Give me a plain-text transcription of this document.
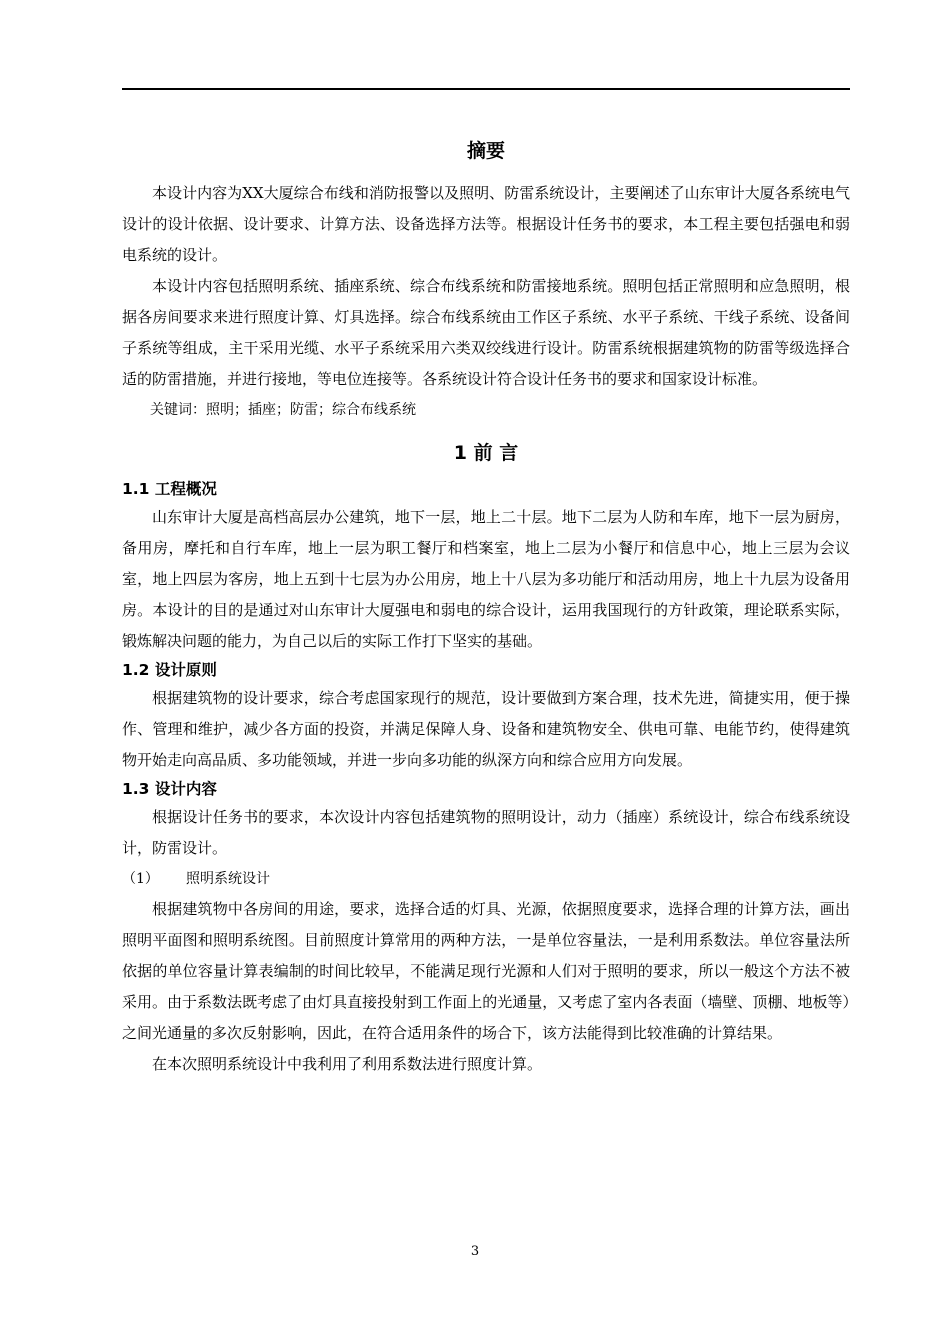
摘要

本设计内容为XX大厦综合布线和消防报警以及照明、防雷系统设计，主要阐述了山东审计大厦各系统电气设计的设计依据、设计要求、计算方法、设备选择方法等。根据设计任务书的要求，本工程主要包括强电和弱电系统的设计。

本设计内容包括照明系统、插座系统、综合布线系统和防雷接地系统。照明包括正常照明和应急照明，根据各房间要求来进行照度计算、灯具选择。综合布线系统由工作区子系统、水平子系统、干线子系统、设备间子系统等组成，主干采用光缆、水平子系统采用六类双绞线进行设计。防雷系统根据建筑物的防雷等级选择合适的防雷措施，并进行接地，等电位连接等。各系统设计符合设计任务书的要求和国家设计标准。

关键词：照明；插座；防雷；综合布线系统
1 前 言
1.1 工程概况

山东审计大厦是高档高层办公建筑，地下一层，地上二十层。地下二层为人防和车库，地下一层为厨房，备用房，摩托和自行车库，地上一层为职工餐厅和档案室，地上二层为小餐厅和信息中心，地上三层为会议室，地上四层为客房，地上五到十七层为办公用房，地上十八层为多功能厅和活动用房，地上十九层为设备用房。本设计的目的是通过对山东审计大厦强电和弱电的综合设计，运用我国现行的方针政策，理论联系实际，锻炼解决问题的能力，为自己以后的实际工作打下坚实的基础。

1.2 设计原则

根据建筑物的设计要求，综合考虑国家现行的规范，设计要做到方案合理，技术先进，简捷实用，便于操作、管理和维护，减少各方面的投资，并满足保障人身、设备和建筑物安全、供电可靠、电能节约，使得建筑物开始走向高品质、多功能领域，并进一步向多功能的纵深方向和综合应用方向发展。

1.3 设计内容

根据设计任务书的要求，本次设计内容包括建筑物的照明设计，动力（插座）系统设计，综合布线系统设计，防雷设计。

（1） 照明系统设计

根据建筑物中各房间的用途，要求，选择合适的灯具、光源，依据照度要求，选择合理的计算方法，画出照明平面图和照明系统图。目前照度计算常用的两种方法，一是单位容量法，一是利用系数法。单位容量法所依据的单位容量计算表编制的时间比较早，不能满足现行光源和人们对于照明的要求，所以一般这个方法不被采用。由于系数法既考虑了由灯具直接投射到工作面上的光通量，又考虑了室内各表面（墙壁、顶棚、地板等）之间光通量的多次反射影响，因此，在符合适用条件的场合下，该方法能得到比较准确的计算结果。

在本次照明系统设计中我利用了利用系数法进行照度计算。

3
